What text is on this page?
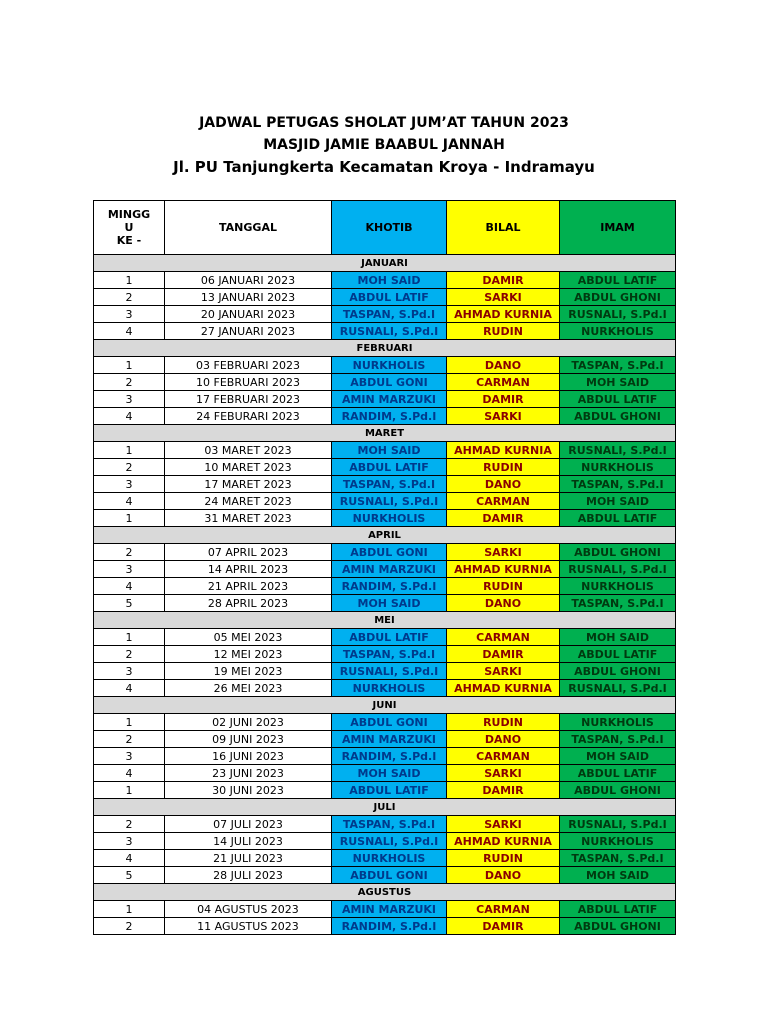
JADWAL PETUGAS SHOLAT JUM’AT TAHUN 2023
MASJID JAMIE BAABUL JANNAH
Jl. PU Tanjungkerta Kecamatan Kroya - Indramayu
MINGG
U
KE -	TANGGAL	KHOTIB	BILAL	IMAM
JANUARI				
1	06 JANUARI 2023	MOH SAID	DAMIR	ABDUL LATIF
2	13 JANUARI 2023	ABDUL LATIF	SARKI	ABDUL GHONI
3	20 JANUARI 2023	TASPAN, S.Pd.I	AHMAD KURNIA	RUSNALI, S.Pd.I
4	27 JANUARI 2023	RUSNALI, S.Pd.I	RUDIN	NURKHOLIS
FEBRUARI				
1	03 FEBRUARI 2023	NURKHOLIS	DANO	TASPAN, S.Pd.I
2	10 FEBRUARI 2023	ABDUL GONI	CARMAN	MOH SAID
3	17 FEBRUARI 2023	AMIN MARZUKI	DAMIR	ABDUL LATIF
4	24 FEBURARI 2023	RANDIM, S.Pd.I	SARKI	ABDUL GHONI
MARET				
1	03 MARET 2023	MOH SAID	AHMAD KURNIA	RUSNALI, S.Pd.I
2	10 MARET 2023	ABDUL LATIF	RUDIN	NURKHOLIS
3	17 MARET 2023	TASPAN, S.Pd.I	DANO	TASPAN, S.Pd.I
4	24 MARET 2023	RUSNALI, S.Pd.I	CARMAN	MOH SAID
1	31 MARET 2023	NURKHOLIS	DAMIR	ABDUL LATIF
APRIL				
2	07 APRIL 2023	ABDUL GONI	SARKI	ABDUL GHONI
3	14 APRIL 2023	AMIN MARZUKI	AHMAD KURNIA	RUSNALI, S.Pd.I
4	21 APRIL 2023	RANDIM, S.Pd.I	RUDIN	NURKHOLIS
5	28 APRIL 2023	MOH SAID	DANO	TASPAN, S.Pd.I
MEI				
1	05 MEI 2023	ABDUL LATIF	CARMAN	MOH SAID
2	12 MEI 2023	TASPAN, S.Pd.I	DAMIR	ABDUL LATIF
3	19 MEI 2023	RUSNALI, S.Pd.I	SARKI	ABDUL GHONI
4	26 MEI 2023	NURKHOLIS	AHMAD KURNIA	RUSNALI, S.Pd.I
JUNI				
1	02 JUNI 2023	ABDUL GONI	RUDIN	NURKHOLIS
2	09 JUNI 2023	AMIN MARZUKI	DANO	TASPAN, S.Pd.I
3	16 JUNI 2023	RANDIM, S.Pd.I	CARMAN	MOH SAID
4	23 JUNI 2023	MOH SAID	SARKI	ABDUL LATIF
1	30 JUNI 2023	ABDUL LATIF	DAMIR	ABDUL GHONI
JULI				
2	07 JULI 2023	TASPAN, S.Pd.I	SARKI	RUSNALI, S.Pd.I
3	14 JULI 2023	RUSNALI, S.Pd.I	AHMAD KURNIA	NURKHOLIS
4	21 JULI 2023	NURKHOLIS	RUDIN	TASPAN, S.Pd.I
5	28 JULI 2023	ABDUL GONI	DANO	MOH SAID
AGUSTUS				
1	04 AGUSTUS 2023	AMIN MARZUKI	CARMAN	ABDUL LATIF
2	11 AGUSTUS 2023	RANDIM, S.Pd.I	DAMIR	ABDUL GHONI
